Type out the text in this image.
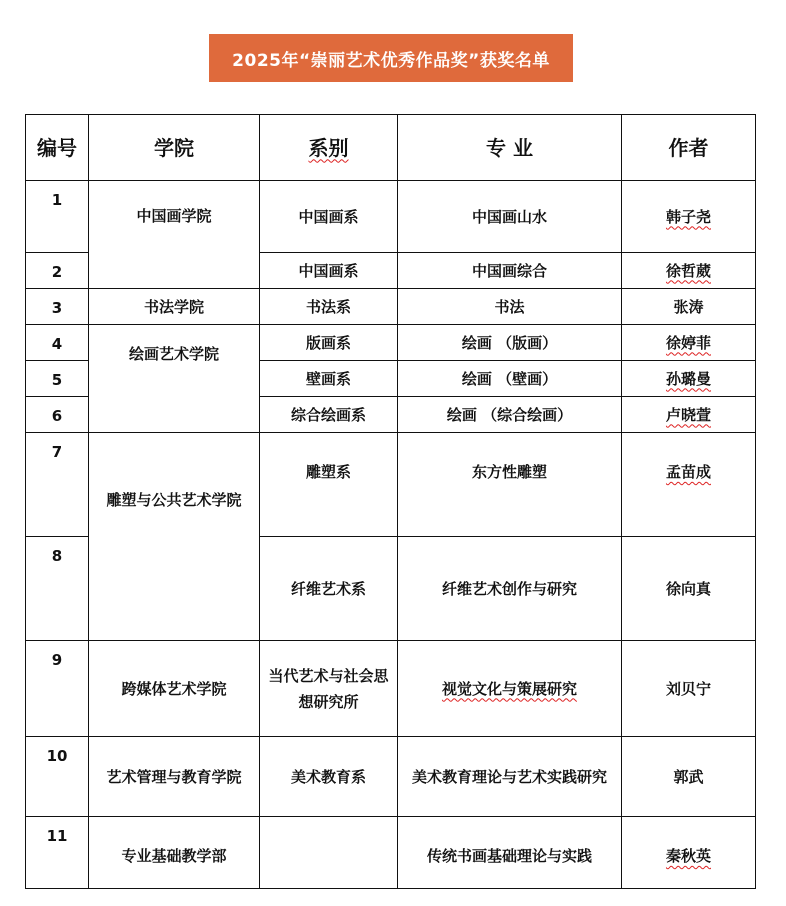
2025年“崇丽艺术优秀作品奖”获奖名单
编号	学院	系别	专 业	作者
1	中国画学院	中国画系	中国画山水	韩子尧
2		中国画系	中国画综合	徐哲葳
3	书法学院	书法系	书法	张涛
4	绘画艺术学院	版画系	绘画 （版画）	徐婷菲
5		壁画系	绘画 （壁画）	孙璐曼
6		综合绘画系	绘画 （综合绘画）	卢晓萱
7	雕塑与公共艺术学院	雕塑系	东方性雕塑	孟苗成
8		纤维艺术系	纤维艺术创作与研究	徐向真
9	跨媒体艺术学院	当代艺术与社会思想研究所	视觉文化与策展研究	刘贝宁
10	艺术管理与教育学院	美术教育系	美术教育理论与艺术实践研究	郭武
11	专业基础教学部		传统书画基础理论与实践	秦秋英
